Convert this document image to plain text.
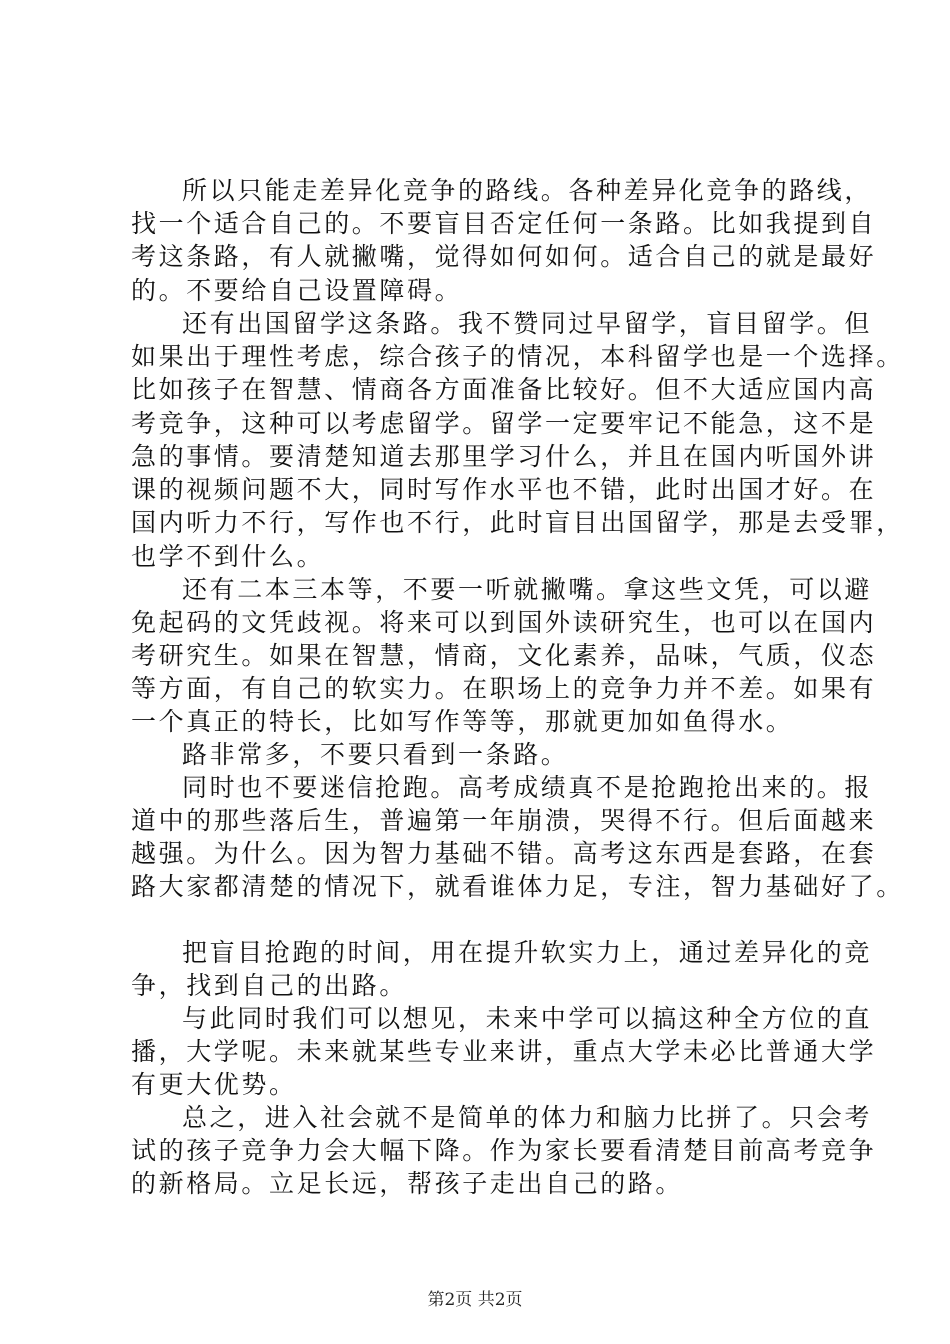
所以只能走差异化竞争的路线。各种差异化竞争的路线，
找一个适合自己的。不要盲目否定任何一条路。比如我提到自
考这条路，有人就撇嘴，觉得如何如何。适合自己的就是最好
的。不要给自己设置障碍。
还有出国留学这条路。我不赞同过早留学，盲目留学。但
如果出于理性考虑，综合孩子的情况，本科留学也是一个选择。
比如孩子在智慧、情商各方面准备比较好。但不大适应国内高
考竞争，这种可以考虑留学。留学一定要牢记不能急，这不是
急的事情。要清楚知道去那里学习什么，并且在国内听国外讲
课的视频问题不大，同时写作水平也不错，此时出国才好。在
国内听力不行，写作也不行，此时盲目出国留学，那是去受罪，
也学不到什么。
还有二本三本等，不要一听就撇嘴。拿这些文凭，可以避
免起码的文凭歧视。将来可以到国外读研究生，也可以在国内
考研究生。如果在智慧，情商，文化素养，品味，气质，仪态
等方面，有自己的软实力。在职场上的竞争力并不差。如果有
一个真正的特长，比如写作等等，那就更加如鱼得水。
路非常多，不要只看到一条路。
同时也不要迷信抢跑。高考成绩真不是抢跑抢出来的。报
道中的那些落后生，普遍第一年崩溃，哭得不行。但后面越来
越强。为什么。因为智力基础不错。高考这东西是套路，在套
路大家都清楚的情况下，就看谁体力足，专注，智力基础好了。
把盲目抢跑的时间，用在提升软实力上，通过差异化的竞
争，找到自己的出路。
与此同时我们可以想见，未来中学可以搞这种全方位的直
播，大学呢。未来就某些专业来讲，重点大学未必比普通大学
有更大优势。
总之，进入社会就不是简单的体力和脑力比拼了。只会考
试的孩子竞争力会大幅下降。作为家长要看清楚目前高考竞争
的新格局。立足长远，帮孩子走出自己的路。
第2页 共2页
